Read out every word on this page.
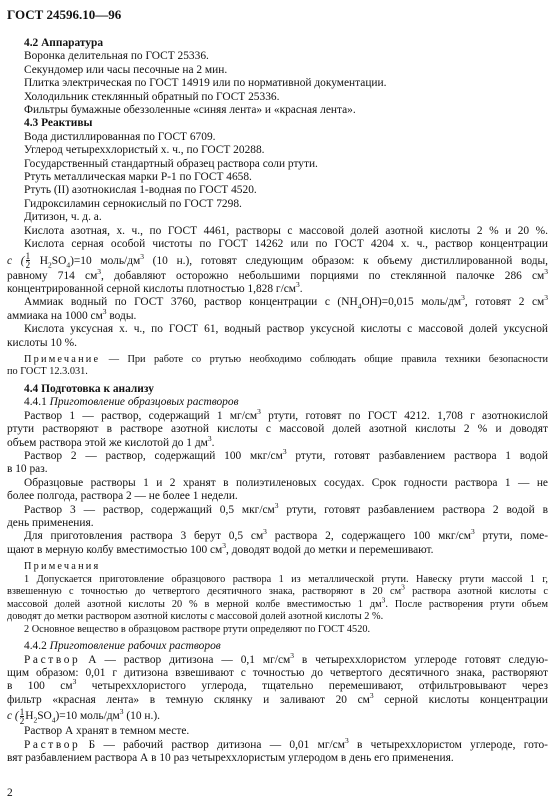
ГОСТ 24596.10—96
4.2 Аппаратура
Воронка делительная по ГОСТ 25336.
Секундомер или часы песочные на 2 мин.
Плитка электрическая по ГОСТ 14919 или по нормативной документации.
Холодильник стеклянный обратный по ГОСТ 25336.
Фильтры бумажные обеззоленные «синяя лента» и «красная лента».
4.3 Реактивы
Вода дистиллированная по ГОСТ 6709.
Углерод четыреххлористый х. ч., по ГОСТ 20288.
Государственный стандартный образец раствора соли ртути.
Ртуть металлическая марки Р-1 по ГОСТ 4658.
Ртуть (II) азотнокислая 1-водная по ГОСТ 4520.
Гидроксиламин сернокислый по ГОСТ 7298.
Дитизон, ч. д. а.
Кислота азотная, х. ч., по ГОСТ 4461, растворы с массовой долей азотной кислоты 2 % и 20 %.
Кислота серная особой чистоты по ГОСТ 14262 или по ГОСТ 4204 х. ч., раствор концентрации
с ( $\frac{1}{2} H_2SO_4)=10$ моль/$дм^3$ (10 н.), готовят следующим образом: к объему дистиллированной воды,
равному 714 $см^3$, добавляют осторожно небольшими порциями по стеклянной палочке 286 $см^3$
концентрированной серной кислоты плотностью 1,828 $г/см^3$.
Аммиак водный по ГОСТ 3760, раствор концентрации с $(NH_4OH)=0,015$ моль/$дм^3$, готовят 2 $см^3$
аммиака на 1000 $см^3$ воды.
Кислота уксусная х. ч., по ГОСТ 61, водный раствор уксусной кислоты с массовой долей уксусной
кислоты 10 %.
Примечание — При работе со ртутью необходимо соблюдать общие правила техники безопасности
по ГОСТ 12.3.031.
4.4 Подготовка к анализу
4.4.1 Приготовление образцовых растворов
Раствор 1 — раствор, содержащий 1 $мг/см^3$ ртути, готовят по ГОСТ 4212. 1,708 г азотнокислой
ртути растворяют в растворе азотной кислоты с массовой долей азотной кислоты 2 % и доводят
объем раствора этой же кислотой до 1 $дм^3$.
Раствор 2 — раствор, содержащий 100 мкг/$см^3$ ртути, готовят разбавлением раствора 1 водой
в 10 раз.
Образцовые растворы 1 и 2 хранят в полиэтиленовых сосудах. Срок годности раствора 1 — не
более полгода, раствора 2 — не более 1 недели.
Раствор 3 — раствор, содержащий 0,5 мкг/$см^3$ ртути, готовят разбавлением раствора 2 водой в
день применения.
Для приготовления раствора 3 берут 0,5 $см^3$ раствора 2, содержащего 100 мкг/$см^3$ ртути, поме-
щают в мерную колбу вместимостью 100 $см^3$, доводят водой до метки и перемешивают.
Примечания
1 Допускается приготовление образцового раствора 1 из металлической ртути. Навеску ртути массой 1 г,
взвешенную с точностью до четвертого десятичного знака, растворяют в 20 $см^3$ раствора азотной кислоты с
массовой долей азотной кислоты 20 % в мерной колбе вместимостью 1 $дм^3$. После растворения ртути объем
доводят до метки раствором азотной кислоты с массовой долей азотной кислоты 2 %.
2 Основное вещество в образцовом растворе ртути определяют по ГОСТ 4520.
4.4.2 Приготовление рабочих растворов
Раствор А — раствор дитизона — 0,1 $мг/см^3$ в четыреххлористом углероде готовят следую-
щим образом: 0,01 г дитизона взвешивают с точностью до четвертого десятичного знака, растворяют
в 100 $см^3$ четыреххлористого углерода, тщательно перемешивают, отфильтровывают через
фильтр «красная лента» в темную склянку и заливают 20 $см^3$ серной кислоты концентрации
с ( $\frac{1}{2} H_2SO_4)=10$ моль/$дм^3$ (10 н.).
Раствор А хранят в темном месте.
Раствор Б — рабочий раствор дитизона — 0,01 $мг/см^3$ в четыреххлористом углероде, гото-
вят разбавлением раствора А в 10 раз четыреххлористым углеродом в день его применения.
2
